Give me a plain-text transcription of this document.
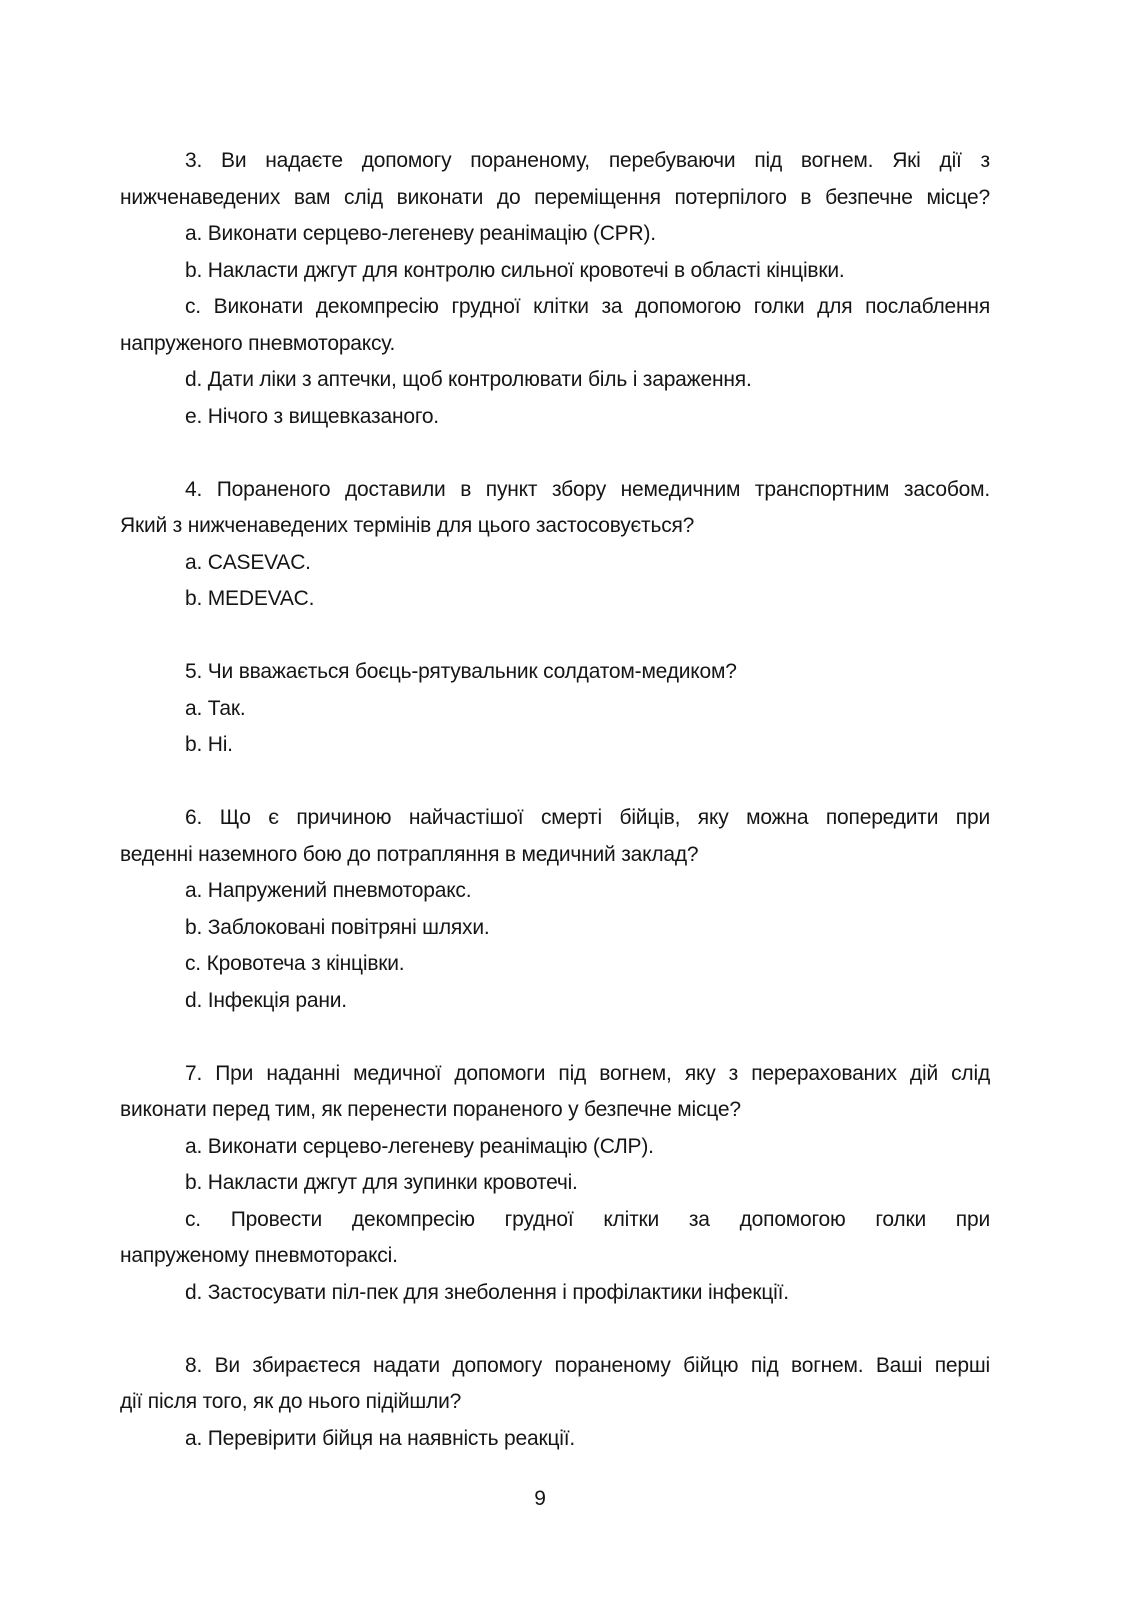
3. Ви надаєте допомогу пораненому, перебуваючи під вогнем. Які дії з
нижченаведених вам слід виконати до переміщення потерпілого в безпечне місце?
a. Виконати серцево-легеневу реанімацію (CPR).
b. Накласти джгут для контролю сильної кровотечі в області кінцівки.
c. Виконати декомпресію грудної клітки за допомогою голки для послаблення
напруженого пневмотораксу.
d. Дати ліки з аптечки, щоб контролювати біль і зараження.
e. Нічого з вищевказаного.
4. Пораненого доставили в пункт збору немедичним транспортним засобом.
Який з нижченаведених термінів для цього застосовується?
a. CASEVAC.
b. MEDEVAC.
5. Чи вважається боєць-рятувальник солдатом-медиком?
a. Так.
b. Ні.
6. Що є причиною найчастішої смерті бійців, яку можна попередити при
веденні наземного бою до потрапляння в медичний заклад?
a. Напружений пневмоторакс.
b. Заблоковані повітряні шляхи.
c. Кровотеча з кінцівки.
d. Інфекція рани.
7. При наданні медичної допомоги під вогнем, яку з перерахованих дій слід
виконати перед тим, як перенести пораненого у безпечне місце?
a. Виконати серцево-легеневу реанімацію (СЛР).
b. Накласти джгут для зупинки кровотечі.
c. Провести декомпресію грудної клітки за допомогою голки при
напруженому пневмотораксі.
d. Застосувати піл-пек для знеболення і профілактики інфекції.
8. Ви збираєтеся надати допомогу пораненому бійцю під вогнем. Ваші перші
дії після того, як до нього підійшли?
a. Перевірити бійця на наявність реакції.
9
